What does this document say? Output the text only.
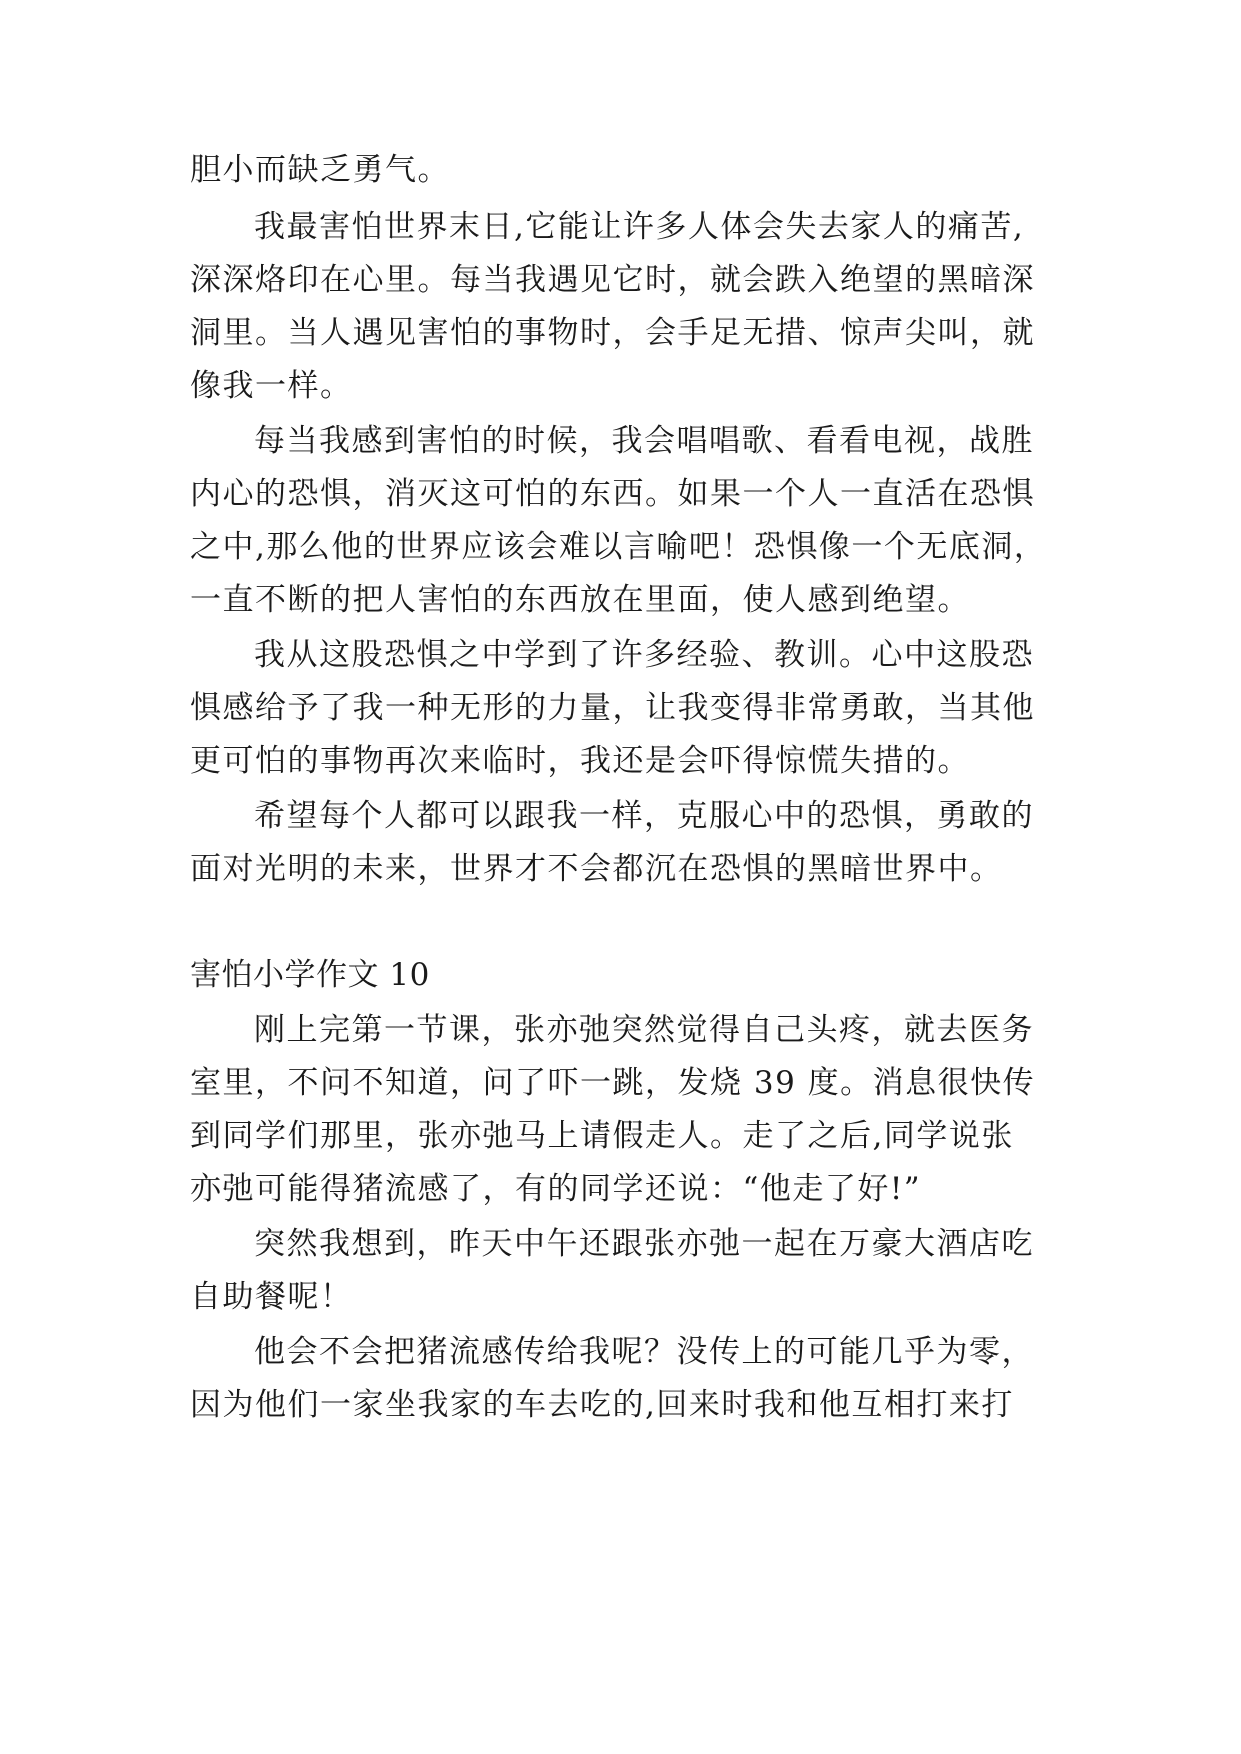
胆小而缺乏勇气。
我最害怕世界末日,它能让许多人体会失去家人的痛苦,
深深烙印在心里。每当我遇见它时，就会跌入绝望的黑暗深
洞里。当人遇见害怕的事物时，会手足无措、惊声尖叫，就
像我一样。
每当我感到害怕的时候，我会唱唱歌、看看电视，战胜
内心的恐惧，消灭这可怕的东西。如果一个人一直活在恐惧
之中,那么他的世界应该会难以言喻吧！恐惧像一个无底洞，
一直不断的把人害怕的东西放在里面，使人感到绝望。
我从这股恐惧之中学到了许多经验、教训。心中这股恐
惧感给予了我一种无形的力量，让我变得非常勇敢，当其他
更可怕的事物再次来临时，我还是会吓得惊慌失措的。
希望每个人都可以跟我一样，克服心中的恐惧，勇敢的
面对光明的未来，世界才不会都沉在恐惧的黑暗世界中。
害怕小学作文 10
刚上完第一节课，张亦弛突然觉得自己头疼，就去医务
室里，不问不知道，问了吓一跳，发烧 39 度。消息很快传
到同学们那里，张亦弛马上请假走人。走了之后,同学说张
亦弛可能得猪流感了，有的同学还说：“他走了好!”
突然我想到，昨天中午还跟张亦弛一起在万豪大酒店吃
自助餐呢！
他会不会把猪流感传给我呢？没传上的可能几乎为零，
因为他们一家坐我家的车去吃的,回来时我和他互相打来打
